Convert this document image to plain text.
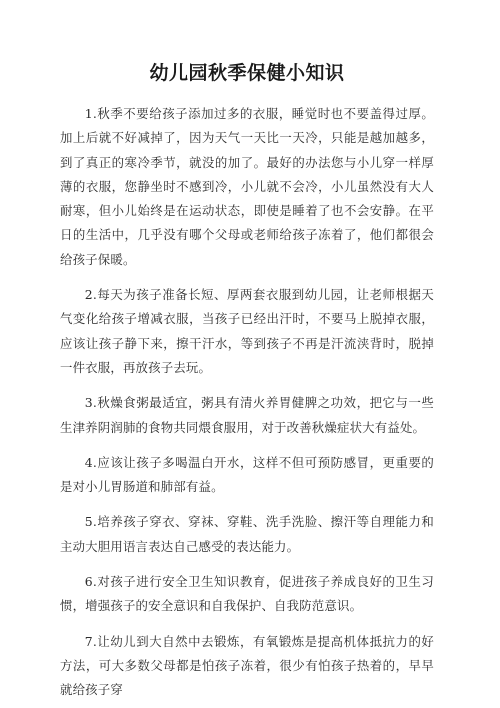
幼儿园秋季保健小知识

1.秋季不要给孩子添加过多的衣服，睡觉时也不要盖得过厚。加上后就不好减掉了，因为天气一天比一天冷，只能是越加越多，到了真正的寒冷季节，就没的加了。最好的办法您与小儿穿一样厚薄的衣服，您静坐时不感到冷，小儿就不会冷，小儿虽然没有大人耐寒，但小儿始终是在运动状态，即使是睡着了也不会安静。在平日的生活中，几乎没有哪个父母或老师给孩子冻着了，他们都很会给孩子保暖。

2.每天为孩子准备长短、厚两套衣服到幼儿园，让老师根据天气变化给孩子增减衣服，当孩子已经出汗时，不要马上脱掉衣服，应该让孩子静下来，擦干汗水，等到孩子不再是汗流浃背时，脱掉一件衣服，再放孩子去玩。

3.秋燥食粥最适宜，粥具有清火养胃健脾之功效，把它与一些生津养阴润肺的食物共同煨食服用，对于改善秋燥症状大有益处。

4.应该让孩子多喝温白开水，这样不但可预防感冒，更重要的是对小儿胃肠道和肺部有益。

5.培养孩子穿衣、穿袜、穿鞋、洗手洗脸、擦汗等自理能力和主动大胆用语言表达自己感受的表达能力。

6.对孩子进行安全卫生知识教育，促进孩子养成良好的卫生习惯，增强孩子的安全意识和自我保护、自我防范意识。

7.让幼儿到大自然中去锻炼，有氧锻炼是提高机体抵抗力的好方法，可大多数父母都是怕孩子冻着，很少有怕孩子热着的，早早就给孩子穿
